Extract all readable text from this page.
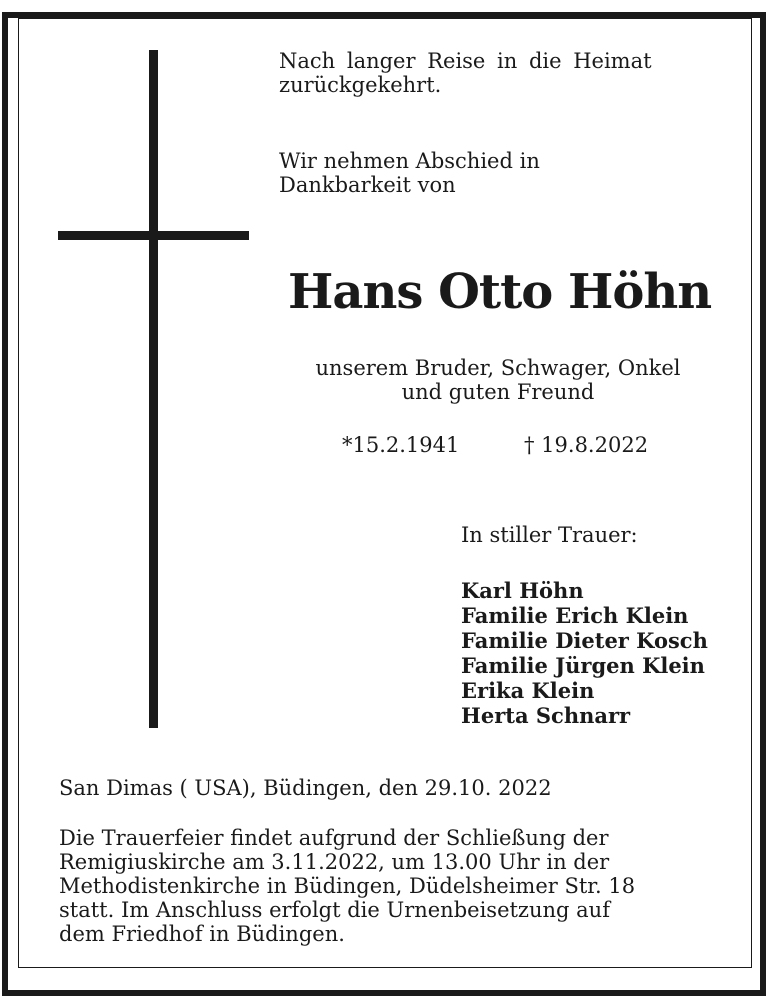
Nach langer Reise in die Heimat
zurückgekehrt.
Wir nehmen Abschied in
Dankbarkeit von
Hans Otto Höhn
unserem Bruder, Schwager, Onkel
und guten Freund
*15.2.1941	† 19.8.2022
In stiller Trauer:
Karl Höhn
Familie Erich Klein
Familie Dieter Kosch
Familie Jürgen Klein
Erika Klein
Herta Schnarr
San Dimas ( USA), Büdingen, den 29.10. 2022
Die Trauerfeier findet aufgrund der Schließung der
Remigiuskirche am 3.11.2022, um 13.00 Uhr in der
Methodistenkirche in Büdingen, Düdelsheimer Str. 18
statt. Im Anschluss erfolgt die Urnenbeisetzung auf
dem Friedhof in Büdingen.
